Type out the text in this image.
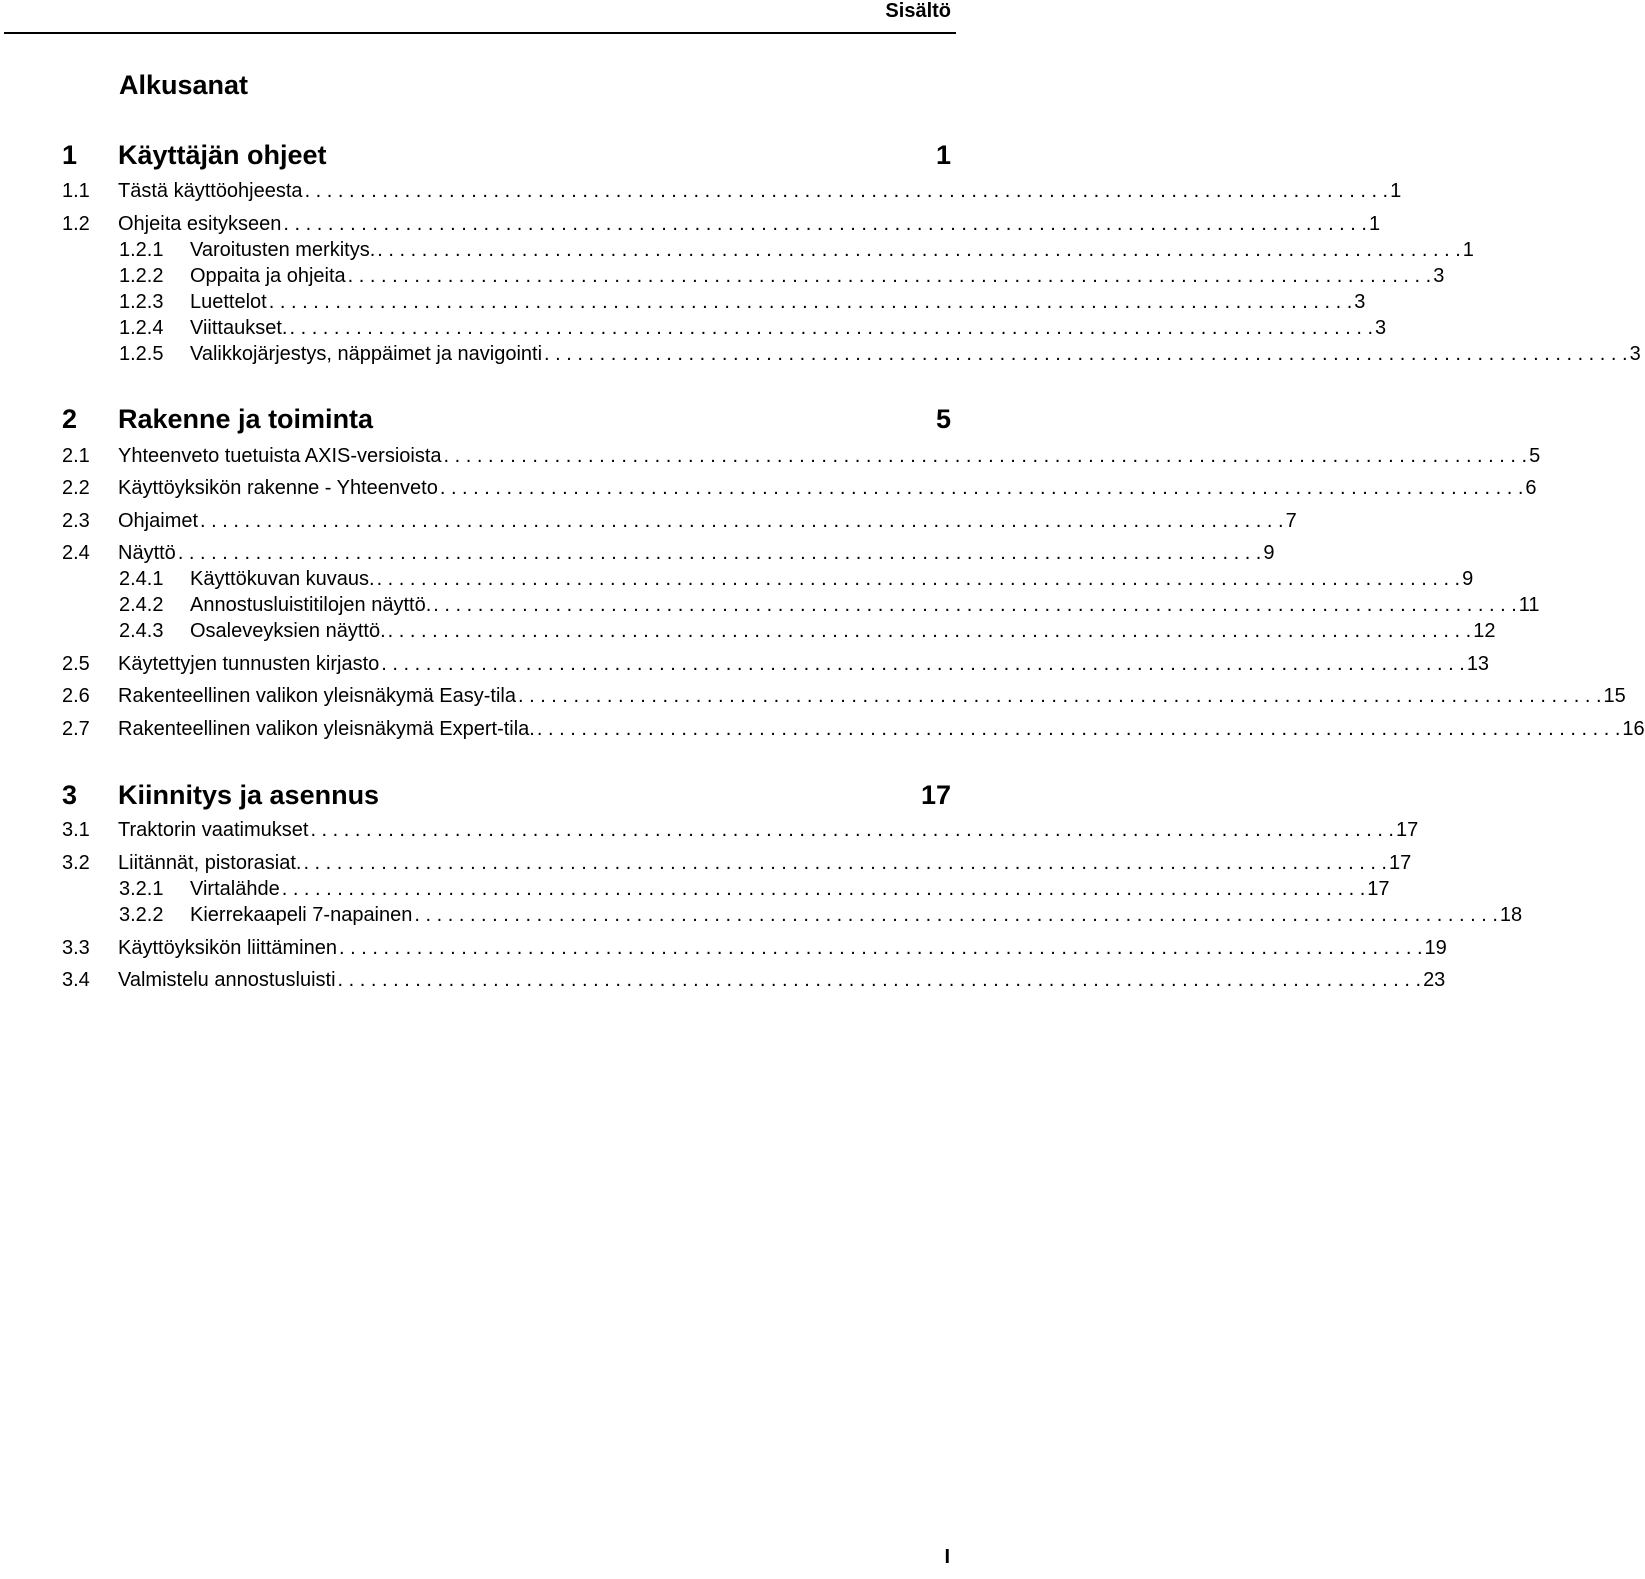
Sisältö
Alkusanat
1	Käyttäjän ohjeet	1
1.1	Tästä käyttöohjeesta . . . . . . . . . . . . . . . . . . . . . . . . . . . . . . . . . . . . . . . . . . . . . . . . . . . . . . . . . . . . . . . . . . . . . . . . . . . . . . . . . . . . . . . . . . . . . . . . . . 1
1.2	Ohjeita esitykseen . . . . . . . . . . . . . . . . . . . . . . . . . . . . . . . . . . . . . . . . . . . . . . . . . . . . . . . . . . . . . . . . . . . . . . . . . . . . . . . . . . . . . . . . . . . . . . . . . . 1
1.2.1	Varoitusten merkitys. . . . . . . . . . . . . . . . . . . . . . . . . . . . . . . . . . . . . . . . . . . . . . . . . . . . . . . . . . . . . . . . . . . . . . . . . . . . . . . . . . . . . . . . . . . . . . . . . . . 1
1.2.2	Oppaita ja ohjeita . . . . . . . . . . . . . . . . . . . . . . . . . . . . . . . . . . . . . . . . . . . . . . . . . . . . . . . . . . . . . . . . . . . . . . . . . . . . . . . . . . . . . . . . . . . . . . . . . . 3
1.2.3	Luettelot . . . . . . . . . . . . . . . . . . . . . . . . . . . . . . . . . . . . . . . . . . . . . . . . . . . . . . . . . . . . . . . . . . . . . . . . . . . . . . . . . . . . . . . . . . . . . . . . . . 3
1.2.4	Viittaukset. . . . . . . . . . . . . . . . . . . . . . . . . . . . . . . . . . . . . . . . . . . . . . . . . . . . . . . . . . . . . . . . . . . . . . . . . . . . . . . . . . . . . . . . . . . . . . . . . . . 3
1.2.5	Valikkojärjestys, näppäimet ja navigointi . . . . . . . . . . . . . . . . . . . . . . . . . . . . . . . . . . . . . . . . . . . . . . . . . . . . . . . . . . . . . . . . . . . . . . . . . . . . . . . . . . . . . . . . . . . . . . . . . . 3
2	Rakenne ja toiminta	5
2.1	Yhteenveto tuetuista AXIS-versioista . . . . . . . . . . . . . . . . . . . . . . . . . . . . . . . . . . . . . . . . . . . . . . . . . . . . . . . . . . . . . . . . . . . . . . . . . . . . . . . . . . . . . . . . . . . . . . . . . . 5
2.2	Käyttöyksikön rakenne - Yhteenveto . . . . . . . . . . . . . . . . . . . . . . . . . . . . . . . . . . . . . . . . . . . . . . . . . . . . . . . . . . . . . . . . . . . . . . . . . . . . . . . . . . . . . . . . . . . . . . . . . . 6
2.3	Ohjaimet . . . . . . . . . . . . . . . . . . . . . . . . . . . . . . . . . . . . . . . . . . . . . . . . . . . . . . . . . . . . . . . . . . . . . . . . . . . . . . . . . . . . . . . . . . . . . . . . . . 7
2.4	Näyttö . . . . . . . . . . . . . . . . . . . . . . . . . . . . . . . . . . . . . . . . . . . . . . . . . . . . . . . . . . . . . . . . . . . . . . . . . . . . . . . . . . . . . . . . . . . . . . . . . . 9
2.4.1	Käyttökuvan kuvaus. . . . . . . . . . . . . . . . . . . . . . . . . . . . . . . . . . . . . . . . . . . . . . . . . . . . . . . . . . . . . . . . . . . . . . . . . . . . . . . . . . . . . . . . . . . . . . . . . . . 9
2.4.2	Annostusluistitilojen näyttö. . . . . . . . . . . . . . . . . . . . . . . . . . . . . . . . . . . . . . . . . . . . . . . . . . . . . . . . . . . . . . . . . . . . . . . . . . . . . . . . . . . . . . . . . . . . . . . . . . . 11
2.4.3	Osaleveyksien näyttö. . . . . . . . . . . . . . . . . . . . . . . . . . . . . . . . . . . . . . . . . . . . . . . . . . . . . . . . . . . . . . . . . . . . . . . . . . . . . . . . . . . . . . . . . . . . . . . . . . . 12
2.5	Käytettyjen tunnusten kirjasto . . . . . . . . . . . . . . . . . . . . . . . . . . . . . . . . . . . . . . . . . . . . . . . . . . . . . . . . . . . . . . . . . . . . . . . . . . . . . . . . . . . . . . . . . . . . . . . . . . 13
2.6	Rakenteellinen valikon yleisnäkymä Easy-tila . . . . . . . . . . . . . . . . . . . . . . . . . . . . . . . . . . . . . . . . . . . . . . . . . . . . . . . . . . . . . . . . . . . . . . . . . . . . . . . . . . . . . . . . . . . . . . . . . . 15
2.7	Rakenteellinen valikon yleisnäkymä Expert-tila. . . . . . . . . . . . . . . . . . . . . . . . . . . . . . . . . . . . . . . . . . . . . . . . . . . . . . . . . . . . . . . . . . . . . . . . . . . . . . . . . . . . . . . . . . . . . . . . . . . 16
3	Kiinnitys ja asennus	17
3.1	Traktorin vaatimukset . . . . . . . . . . . . . . . . . . . . . . . . . . . . . . . . . . . . . . . . . . . . . . . . . . . . . . . . . . . . . . . . . . . . . . . . . . . . . . . . . . . . . . . . . . . . . . . . . . 17
3.2	Liitännät, pistorasiat. . . . . . . . . . . . . . . . . . . . . . . . . . . . . . . . . . . . . . . . . . . . . . . . . . . . . . . . . . . . . . . . . . . . . . . . . . . . . . . . . . . . . . . . . . . . . . . . . . . 17
3.2.1	Virtalähde . . . . . . . . . . . . . . . . . . . . . . . . . . . . . . . . . . . . . . . . . . . . . . . . . . . . . . . . . . . . . . . . . . . . . . . . . . . . . . . . . . . . . . . . . . . . . . . . . . 17
3.2.2	Kierrekaapeli 7-napainen . . . . . . . . . . . . . . . . . . . . . . . . . . . . . . . . . . . . . . . . . . . . . . . . . . . . . . . . . . . . . . . . . . . . . . . . . . . . . . . . . . . . . . . . . . . . . . . . . . 18
3.3	Käyttöyksikön liittäminen . . . . . . . . . . . . . . . . . . . . . . . . . . . . . . . . . . . . . . . . . . . . . . . . . . . . . . . . . . . . . . . . . . . . . . . . . . . . . . . . . . . . . . . . . . . . . . . . . . 19
3.4	Valmistelu annostusluisti . . . . . . . . . . . . . . . . . . . . . . . . . . . . . . . . . . . . . . . . . . . . . . . . . . . . . . . . . . . . . . . . . . . . . . . . . . . . . . . . . . . . . . . . . . . . . . . . . . 23
I
